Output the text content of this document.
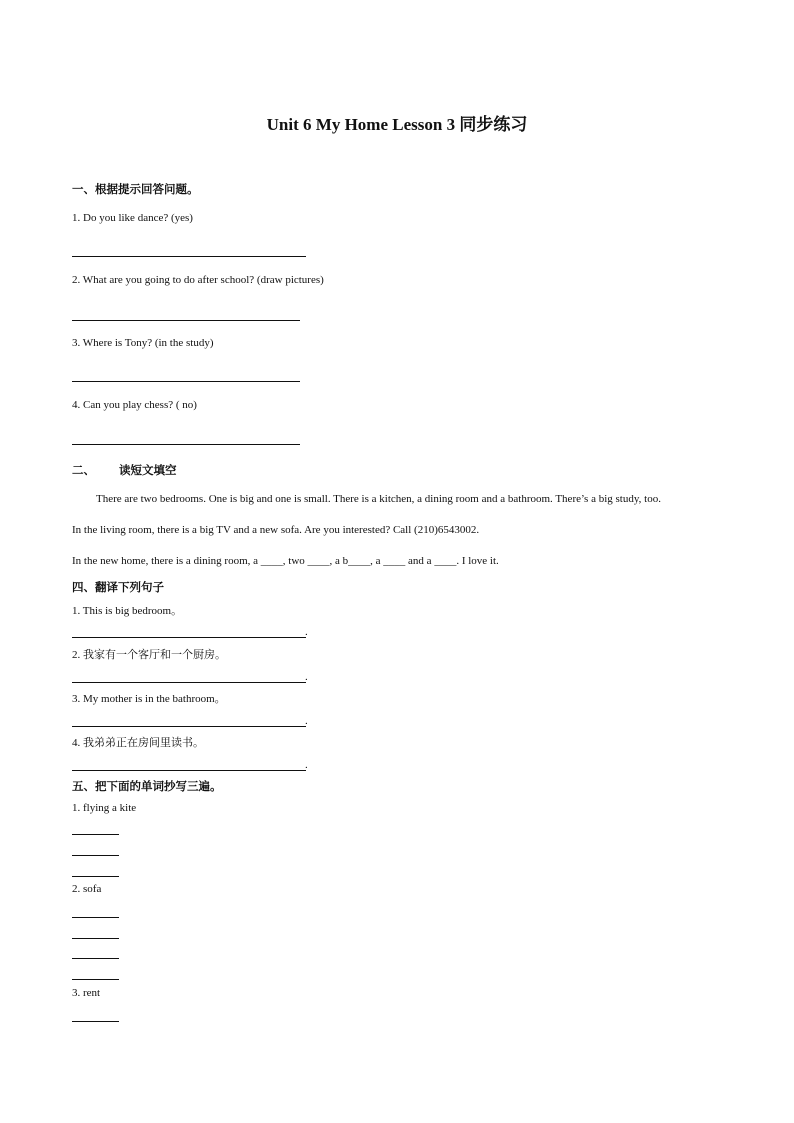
Unit 6 My Home Lesson 3 同步练习
一、根据提示回答问题。
1. Do you like dance? (yes)
2. What are you going to do after school? (draw pictures)
3. Where is Tony? (in the study)
4. Can you play chess? ( no)
二、 读短文填空
There are two bedrooms. One is big and one is small. There is a kitchen, a dining room and a bathroom. There’s a big study, too.
In the living room, there is a big TV and a new sofa. Are you interested? Call (210)6543002.
In the new home, there is a dining room, a ____, two ____, a b____, a ____ and a ____. I love it.
四、翻译下列句子
1. This is big bedroom。
.
2. 我家有一个客厅和一个厨房。
.
3. My mother is in the bathroom。
.
4. 我弟弟正在房间里读书。
.
五、把下面的单词抄写三遍。
1. flying a kite
2. sofa
3. rent
